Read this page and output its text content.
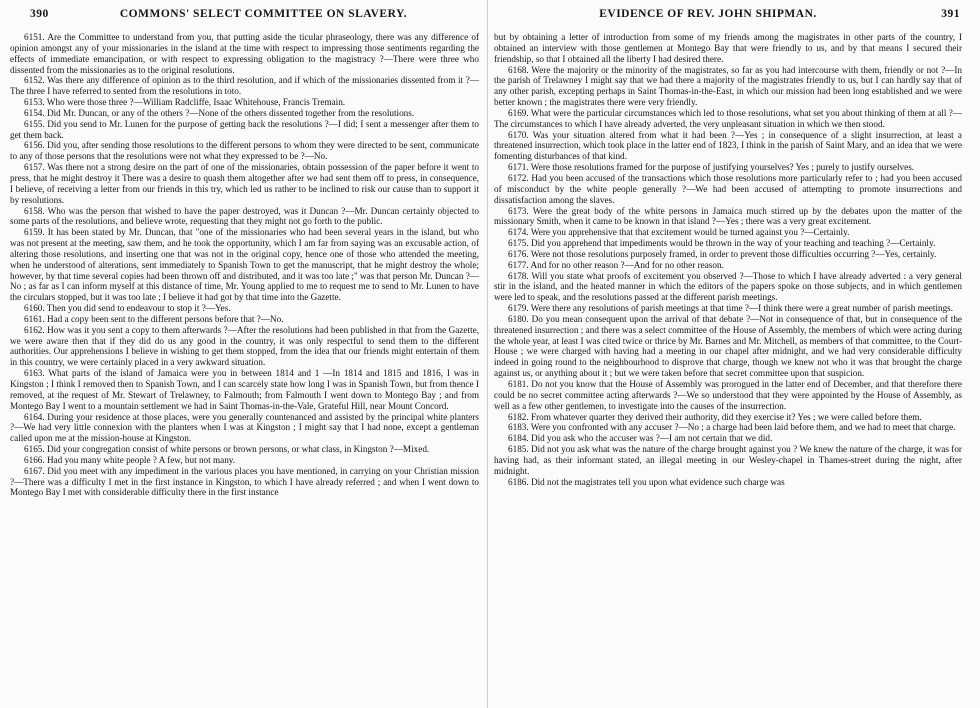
390	COMMONS' SELECT COMMITTEE ON SLAVERY.

6151. Are the Committee to understand from you, that putting aside the ticular phraseology, there was any difference of opinion amongst any of your missionaries in the island at the time with respect to impressing those sentiments regarding the effects of immediate emancipation, or with respect to expressing obligation to the magistracy ?—There were three who dissented from the missionaries as to the original resolutions.

6152. Was there any difference of opinion as to the third resolution, and if which of the missionaries dissented from it ?—The three I have referred to sented from the resolutions in toto.

6153. Who were those three ?—William Radcliffe, Isaac Whitehouse, Francis Tremain.

6154. Did Mr. Duncan, or any of the others ?—None of the others dissented together from the resolutions.

6155. Did you send to Mr. Lunen for the purpose of getting back the resolutions ?—I did; I sent a messenger after them to get them back.

6156. Did you, after sending those resolutions to the different persons to whom they were directed to be sent, communicate to any of those persons that the resolutions were not what they expressed to be ?—No.

6157. Was there not a strong desire on the part of one of the missionaries, obtain possession of the paper before it went to press, that he might destroy it There was a desire to quash them altogether after we had sent them off to press, in consequence, I believe, of receiving a letter from our friends in this try, which led us rather to be inclined to risk our cause than to support it by resolutions.

6158. Who was the person that wished to have the paper destroyed, was it Duncan ?—Mr. Duncan certainly objected to some parts of the resolutions, and believe wrote, requesting that they might not go forth to the public.

6159. It has been stated by Mr. Duncan, that "one of the missionaries who had been several years in the island, but who was not present at the meeting, saw them, and he took the opportunity, which I am far from saying was an excusable action, of altering those resolutions, and inserting one that was not in the original copy, hence one of those who attended the meeting, when he understood of alterations, sent immediately to Spanish Town to get the manuscript, that he might destroy the whole; however, by that time several copies had been thrown off and distributed, and it was too late ;" was that person Mr. Duncan ?—No ; as far as I can inform myself at this distance of time, Mr. Young applied to me to request me to send to Mr. Lunen to have the circulars stopped, but it was too late ; I believe it had got by that time into the Gazette.

6160. Then you did send to endeavour to stop it ?—Yes.

6161. Had a copy been sent to the different persons before that ?—No.

6162. How was it you sent a copy to them afterwards ?—After the resolutions had been published in that from the Gazette, we were aware then that if they did do us any good in the country, it was only respectful to send them to the different authorities. Our apprehensions I believe in wishing to get them stopped, from the idea that our friends might entertain of them in this country, we were certainly placed in a very awkward situation.

6163. What parts of the island of Jamaica were you in between 1814 and 1 —In 1814 and 1815 and 1816, I was in Kingston ; I think I removed then to Spanish Town, and I can scarcely state how long I was in Spanish Town, but from thence I removed, at the request of Mr. Stewart of Trelawney, to Falmouth; from Falmouth I went down to Montego Bay ; and from Montego Bay I went to a mountain settlement we had in Saint Thomas-in-the-Vale, Grateful Hill, near Mount Concord.

6164. During your residence at those places, were you generally countenanced and assisted by the principal white planters ?—We had very little connexion with the planters when I was at Kingston ; I might say that I had none, except a gentleman called upon me at the mission-house at Kingston.

6165. Did your congregation consist of white persons or brown persons, or what class, in Kingston ?—Mixed.

6166. Had you many white people ? A few, but not many.

6167. Did you meet with any impediment in the various places you have mentioned, in carrying on your Christian mission ?—There was a difficulty I met in the first instance in Kingston, to which I have already referred ; and when I went down to Montego Bay I met with considerable difficulty there in the first instance

EVIDENCE OF REV. JOHN SHIPMAN.	391

but by obtaining a letter of introduction from some of my friends among the magistrates in other parts of the country, I obtained an interview with those gentlemen at Montego Bay that were friendly to us, and by that means I secured their friendship, so that I obtained all the liberty I had desired there.

6168. Were the majority or the minority of the magistrates, so far as you had intercourse with them, friendly or not ?—In the parish of Trelawney I might say that we had there a majority of the magistrates friendly to us, but I can hardly say that of any other parish, excepting perhaps in Saint Thomas-in-the-East, in which our mission had been long established and we were better known ; the magistrates there were very friendly.

6169. What were the particular circumstances which led to those resolutions, what set you about thinking of them at all ?—The circumstances to which I have already adverted, the very unpleasant situation in which we then stood.

6170. Was your situation altered from what it had been ?—Yes ; in consequence of a slight insurrection, at least a threatened insurrection, which took place in the latter end of 1823, I think in the parish of Saint Mary, and an idea that we were fomenting disturbances of that kind.

6171. Were those resolutions framed for the purpose of justifying yourselves? Yes ; purely to justify ourselves.

6172. Had you been accused of the transactions which those resolutions more particularly refer to ; had you been accused of misconduct by the white people generally ?—We had been accused of attempting to promote insurrections and dissatisfaction among the slaves.

6173. Were the great body of the white persons in Jamaica much stirred up by the debates upon the matter of the missionary Smith, when it came to be known in that island ?—Yes ; there was a very great excitement.

6174. Were you apprehensive that that excitement would be turned against you ?—Certainly.

6175. Did you apprehend that impediments would be thrown in the way of your teaching and teaching ?—Certainly.

6176. Were not those resolutions purposely framed, in order to prevent those difficulties occurring ?—Yes, certainly.

6177. And for no other reason ?—And for no other reason.

6178. Will you state what proofs of excitement you observed ?—Those to which I have already adverted : a very general stir in the island, and the heated manner in which the editors of the papers spoke on those subjects, and in which gentlemen were led to speak, and the resolutions passed at the different parish meetings.

6179. Were there any resolutions of parish meetings at that time ?—I think there were a great number of parish meetings.

6180. Do you mean consequent upon the arrival of that debate ?—Not in consequence of that, but in consequence of the threatened insurrection ; and there was a select committee of the House of Assembly, the members of which were acting during the whole year, at least I was cited twice or thrice by Mr. Barnes and Mr. Mitchell, as members of that committee, to the Court-House ; we were charged with having had a meeting in our chapel after midnight, and we had very considerable difficulty indeed in going round to the neighbourhood to disprove that charge, though we knew not who it was that brought the charge against us, or anything about it ; but we were taken before that secret committee upon that suspicion.

6181. Do not you know that the House of Assembly was prorogued in the latter end of December, and that therefore there could be no secret committee acting afterwards ?—We so understood that they were appointed by the House of Assembly, as well as a few other gentlemen, to investigate into the causes of the insurrection.

6182. From whatever quarter they derived their authority, did they exercise it? Yes ; we were called before them.

6183. Were you confronted with any accuser ?—No ; a charge had been laid before them, and we had to meet that charge.

6184. Did you ask who the accuser was ?—I am not certain that we did.

6185. Did not you ask what was the nature of the charge brought against you ? We knew the nature of the charge, it was for having had, as their informant stated, an illegal meeting in our Wesley-chapel in Thames-street during the night, after midnight.

6186. Did not the magistrates tell you upon what evidence such charge was
